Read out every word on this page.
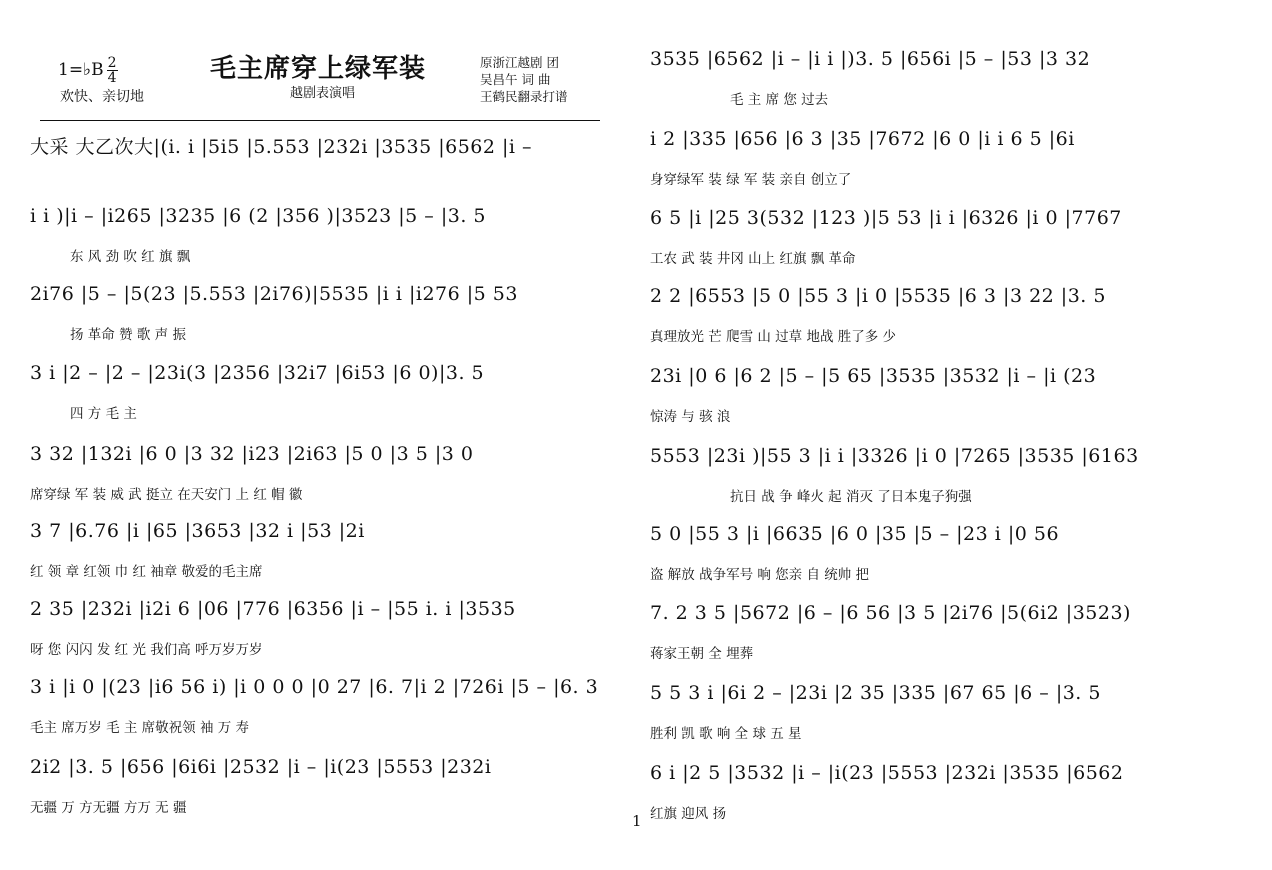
1=♭B $\frac{2}{4}$
欢快、亲切地
毛主席穿上绿军装
越剧表演唱
原浙江越剧 团
吴昌午 词 曲
王鹤民翻录打谱
大采 大乙次大|(i. i |5i5 |5.553 |232i |3535 |6562 |i –
i i )|i – |i265 |3235 |6 (2 |356 )|3523 |5 – |3. 5
东 风 劲 吹 红 旗 飘
2i76 |5 – |5(23 |5.553 |2i76)|5535 |i i |i276 |5 53
扬 革命 赞 歌 声 振
3 i |2 – |2 – |23i(3 |2356 |32i7 |6i53 |6 0)|3. 5
四 方 毛 主
3 32 |132i |6 0 |3 32 |i23 |2i63 |5 0 |3 5 |3 0
席穿绿 军 装 威 武 挺立 在天安门 上 红 帽 徽
3 7 |6.76 |i |65 |3653 |32 i |53 |2i
红 领 章 红领 巾 红 袖章 敬爱的毛主席
2 35 |232i |i2i 6 |06 |776 |6356 |i – |55 i. i |3535
呀 您 闪闪 发 红 光 我们高 呼万岁万岁
3 i |i 0 |(23 |i6 56 i) |i 0 0 0 |0 27 |6. 7|i 2 |726i |5 – |6. 3
毛主 席万岁 毛 主 席敬祝领 袖 万 寿
2i2 |3. 5 |656 |6i6i |2532 |i – |i(23 |5553 |232i
无疆 万 方无疆 方万 无 疆
3535 |6562 |i – |i i |)3. 5 |656i |5 – |53 |3 32
毛 主 席 您 过去
i 2 |335 |656 |6 3 |35 |7672 |6 0 |i i 6 5 |6i
身穿绿军 装 绿 军 装 亲自 创立了
6 5 |i |25 3(532 |123 )|5 53 |i i |6326 |i 0 |7767
工农 武 装 井冈 山上 红旗 飘 革命
2 2 |6553 |5 0 |55 3 |i 0 |5535 |6 3 |3 22 |3. 5
真理放光 芒 爬雪 山 过草 地战 胜了多 少
23i |0 6 |6 2 |5 – |5 65 |3535 |3532 |i – |i (23
惊涛 与 骇 浪
5553 |23i )|55 3 |i i |3326 |i 0 |7265 |3535 |6163
抗日 战 争 峰火 起 消灭 了日本鬼子狗强
5 0 |55 3 |i |6635 |6 0 |35 |5 – |23 i |0 56
盗 解放 战争军号 响 您亲 自 统帅 把
7. 2 3 5 |5672 |6 – |6 56 |3 5 |2i76 |5(6i2 |3523)
蒋家王朝 全 埋葬
5 5 3 i |6i 2 – |23i |2 35 |335 |67 65 |6 – |3. 5
胜利 凯 歌 响 全 球 五 星
6 i |2 5 |3532 |i – |i(23 |5553 |232i |3535 |6562
红旗 迎风 扬
1
